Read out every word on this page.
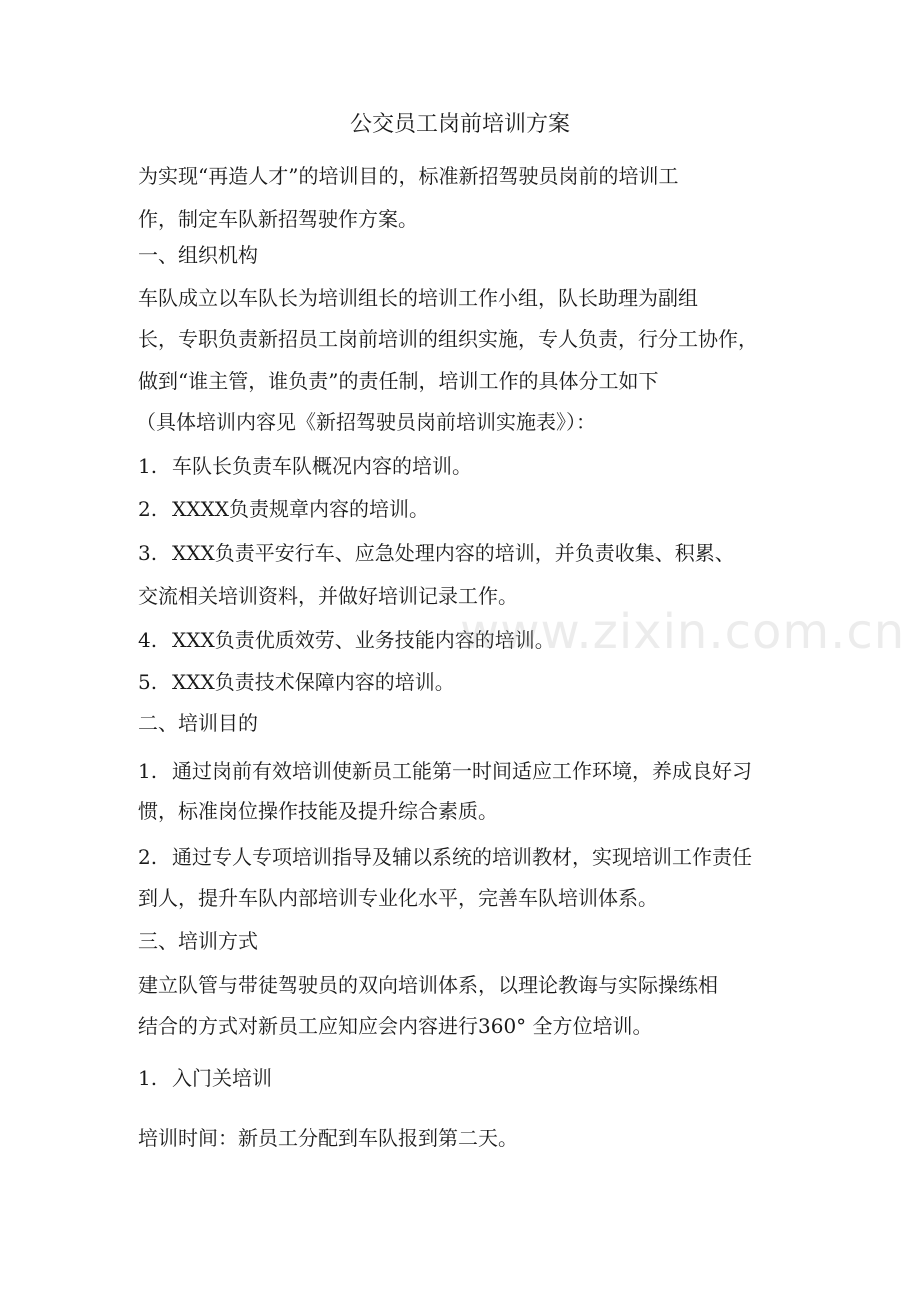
公交员工岗前培训方案
为实现“再造人才”的培训目的，标准新招驾驶员岗前的培训工
作，制定车队新招驾驶作方案。
一、组织机构
车队成立以车队长为培训组长的培训工作小组，队长助理为副组
长，专职负责新招员工岗前培训的组织实施，专人负责，行分工协作，
做到“谁主管，谁负责”的责任制，培训工作的具体分工如下
（具体培训内容见《新招驾驶员岗前培训实施表》）：
1. 车队长负责车队概况内容的培训。
2. XXXX负责规章内容的培训。
3. XXX负责平安行车、应急处理内容的培训，并负责收集、积累、
交流相关培训资料，并做好培训记录工作。
4. XXX负责优质效劳、业务技能内容的培训。
5. XXX负责技术保障内容的培训。
二、培训目的
1. 通过岗前有效培训使新员工能第一时间适应工作环境，养成良好习
惯，标准岗位操作技能及提升综合素质。
2. 通过专人专项培训指导及辅以系统的培训教材，实现培训工作责任
到人，提升车队内部培训专业化水平，完善车队培训体系。
三、培训方式
建立队管与带徒驾驶员的双向培训体系，以理论教诲与实际操练相
结合的方式对新员工应知应会内容进行360° 全方位培训。
1. 入门关培训
培训时间：新员工分配到车队报到第二天。
www.zixin.com.cn
